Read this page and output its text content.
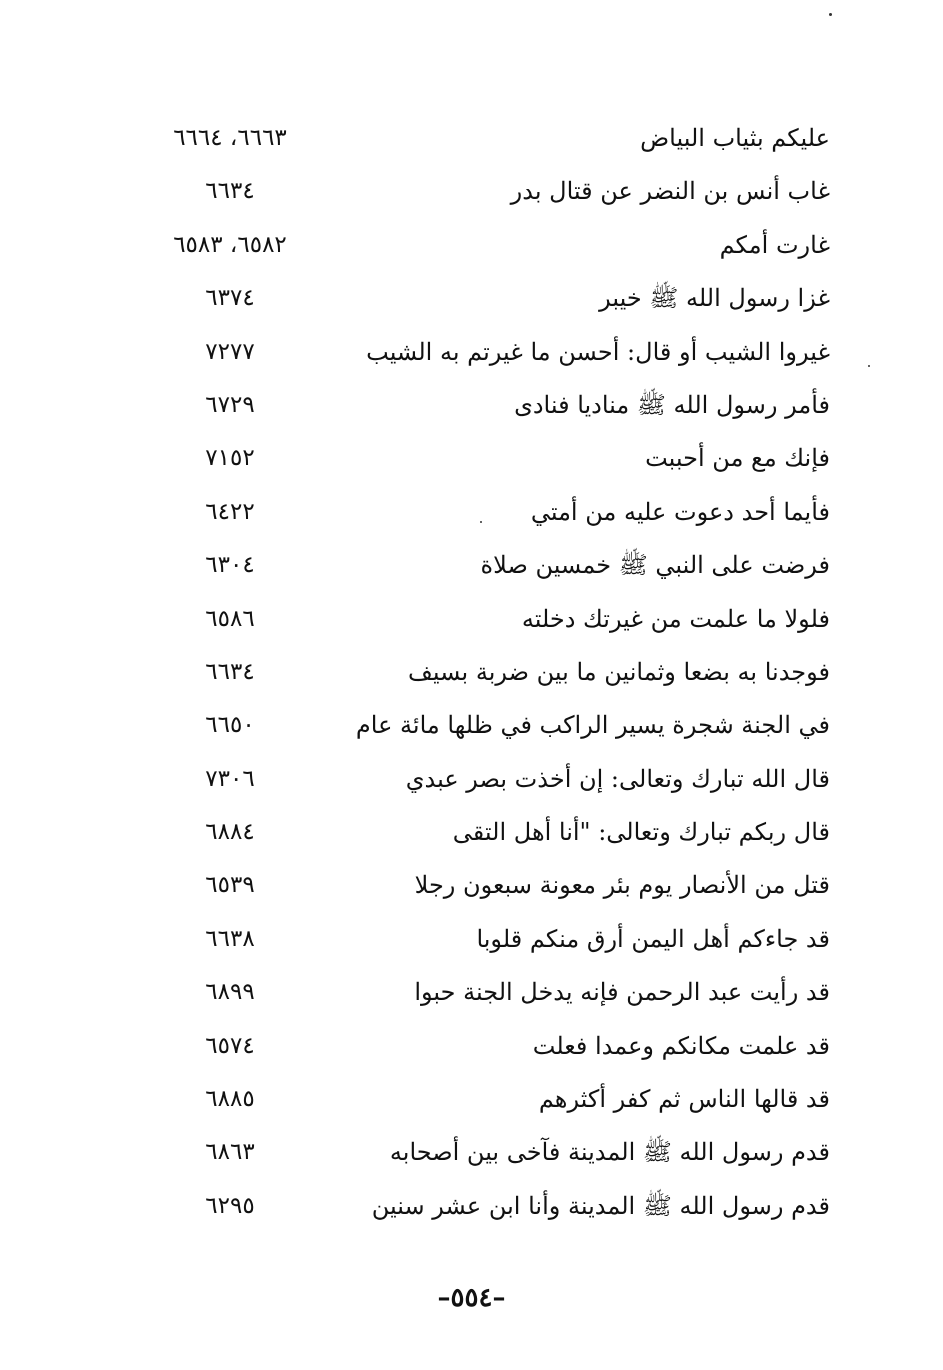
عليكم بثياب البياض
٦٦٦٣، ٦٦٦٤
غاب أنس بن النضر عن قتال بدر
٦٦٣٤
غارت أمكم
٦٥٨٢، ٦٥٨٣
غزا رسول الله ﷺ خيبر
٦٣٧٤
غيروا الشيب أو قال: أحسن ما غيرتم به الشيب
٧٢٧٧
فأمر رسول الله ﷺ مناديا فنادى
٦٧٢٩
فإنك مع من أحببت
٧١٥٢
فأيما أحد دعوت عليه من أمتي
٦٤٢٢
فرضت على النبي ﷺ خمسين صلاة
٦٣٠٤
فلولا ما علمت من غيرتك دخلته
٦٥٨٦
فوجدنا به بضعا وثمانين ما بين ضربة بسيف
٦٦٣٤
في الجنة شجرة يسير الراكب في ظلها مائة عام
٦٦٥٠
قال الله تبارك وتعالى: إن أخذت بصر عبدي
٧٣٠٦
قال ربكم تبارك وتعالى: "أنا أهل التقى
٦٨٨٤
قتل من الأنصار يوم بئر معونة سبعون رجلا
٦٥٣٩
قد جاءكم أهل اليمن أرق منكم قلوبا
٦٦٣٨
قد رأيت عبد الرحمن فإنه يدخل الجنة حبوا
٦٨٩٩
قد علمت مكانكم وعمدا فعلت
٦٥٧٤
قد قالها الناس ثم كفر أكثرهم
٦٨٨٥
قدم رسول الله ﷺ المدينة فآخى بين أصحابه
٦٨٦٣
قدم رسول الله ﷺ المدينة وأنا ابن عشر سنين
٦٢٩٥
–٥٥٤–
